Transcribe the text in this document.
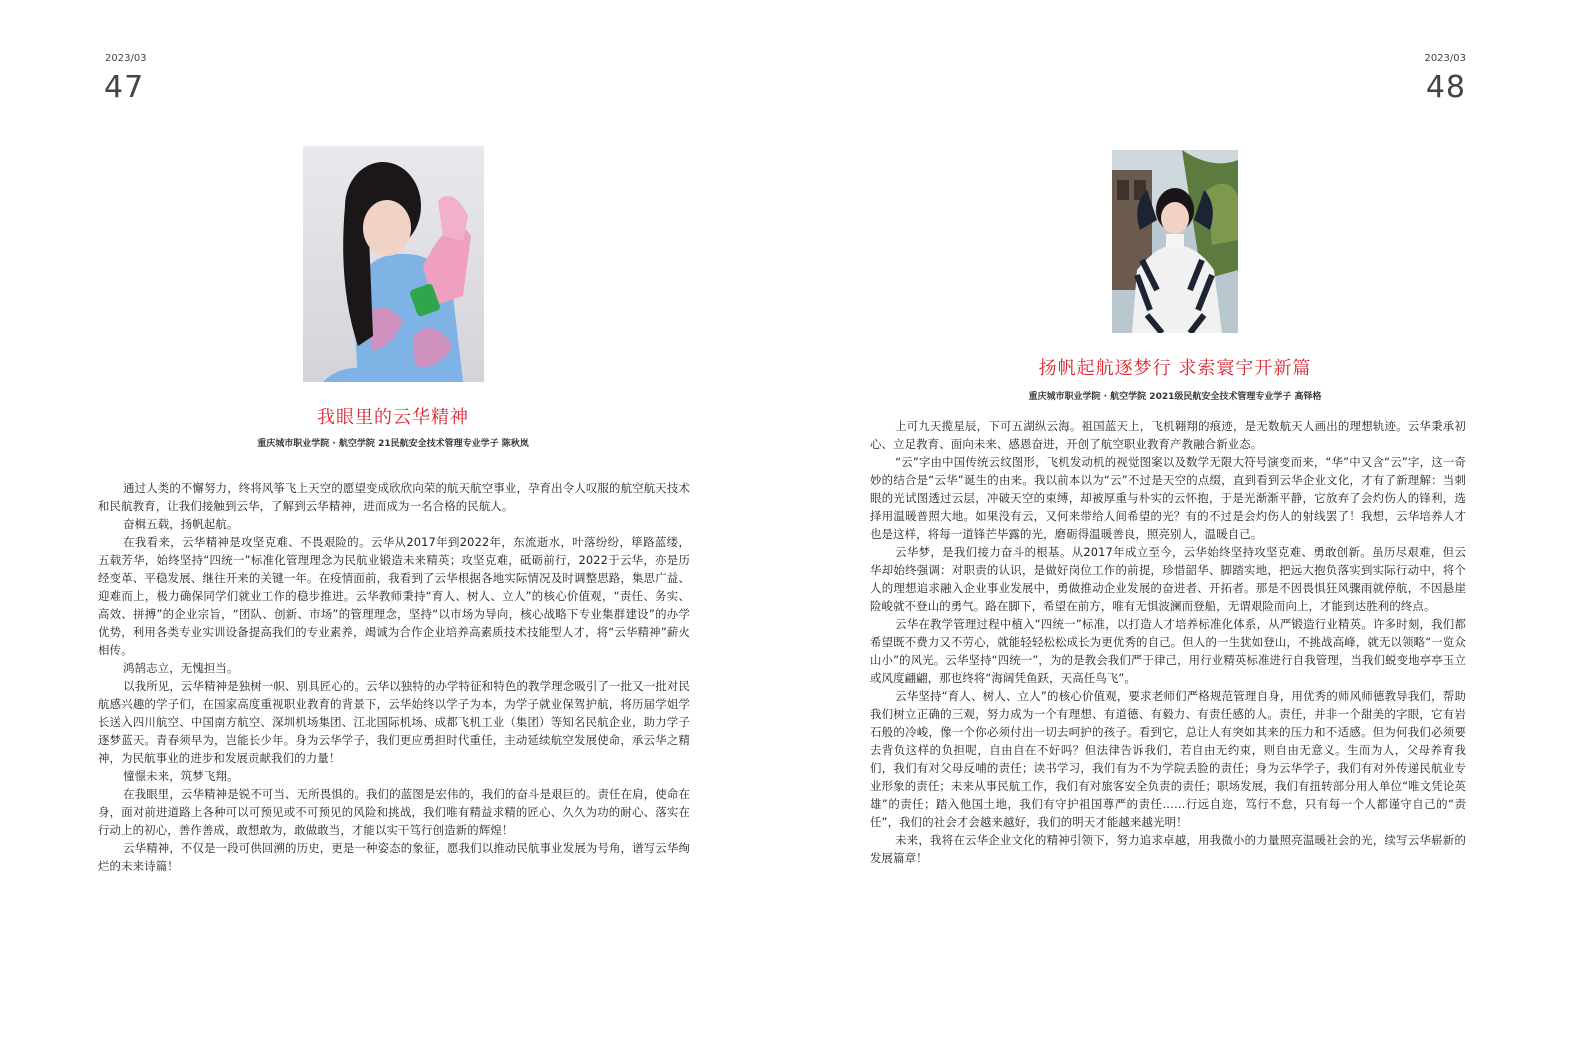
2023/03
47
我眼里的云华精神
重庆城市职业学院 · 航空学院 21民航安全技术管理专业学子 陈秋岚

通过人类的不懈努力，终将风筝飞上天空的愿望变成欣欣向荣的航天航空事业，孕育出令人叹服的航空航天技术和民航教育，让我们接触到云华，了解到云华精神，进而成为一名合格的民航人。

奋楫五载，扬帆起航。

在我看来，云华精神是攻坚克难、不畏艰险的。云华从2017年到2022年，东流逝水，叶落纷纷，筚路蓝缕，五载芳华，始终坚持“四统一”标准化管理理念为民航业锻造未来精英；攻坚克难，砥砺前行，2022于云华，亦是历经变革、平稳发展、继往开来的关键一年。在疫情面前，我看到了云华根据各地实际情况及时调整思路，集思广益、迎难而上，极力确保同学们就业工作的稳步推进。云华教师秉持“育人、树人、立人”的核心价值观，“责任、务实、高效、拼搏”的企业宗旨，“团队、创新、市场”的管理理念，坚持“以市场为导向，核心战略下专业集群建设”的办学优势，利用各类专业实训设备提高我们的专业素养，竭诚为合作企业培养高素质技术技能型人才，将“云华精神”薪火相传。

鸿鹄志立，无愧担当。

以我所见，云华精神是独树一帜、别具匠心的。云华以独特的办学特征和特色的教学理念吸引了一批又一批对民航感兴趣的学子们，在国家高度重视职业教育的背景下，云华始终以学子为本，为学子就业保驾护航，将历届学姐学长送入四川航空、中国南方航空、深圳机场集团、江北国际机场、成都飞机工业（集团）等知名民航企业，助力学子逐梦蓝天。青春须早为，岂能长少年。身为云华学子，我们更应勇担时代重任，主动延续航空发展使命，承云华之精神，为民航事业的进步和发展贡献我们的力量！

憧憬未来，筑梦飞翔。

在我眼里，云华精神是锐不可当、无所畏惧的。我们的蓝图是宏伟的，我们的奋斗是艰巨的。责任在肩，使命在身，面对前进道路上各种可以可预见或不可预见的风险和挑战，我们唯有精益求精的匠心、久久为功的耐心、落实在行动上的初心，善作善成，敢想敢为，敢做敢当，才能以实干笃行创造新的辉煌！

云华精神，不仅是一段可供回溯的历史，更是一种姿态的象征，愿我们以推动民航事业发展为号角，谱写云华绚烂的未来诗篇！

2023/03
48
扬帆起航逐梦行 求索寰宇开新篇
重庆城市职业学院 · 航空学院 2021级民航安全技术管理专业学子 高铎格

上可九天揽星辰，下可五湖纵云海。祖国蓝天上，飞机翱翔的痕迹，是无数航天人画出的理想轨迹。云华秉承初心、立足教育、面向未来、感恩奋进，开创了航空职业教育产教融合新业态。

“云”字由中国传统云纹图形，飞机发动机的视觉图案以及数学无限大符号演变而来，“华”中又含“云”字，这一奇妙的结合是“云华”诞生的由来。我以前本以为“云”不过是天空的点缀，直到看到云华企业文化，才有了新理解：当刺眼的光试图透过云层，冲破天空的束缚，却被厚重与朴实的云怀抱，于是光渐渐平静，它放弃了会灼伤人的锋利，选择用温暖普照大地。如果没有云，又何来带给人间希望的光？有的不过是会灼伤人的射线罢了！我想，云华培养人才也是这样，将每一道锋芒毕露的光，磨砺得温暖善良，照亮别人，温暖自己。

云华梦，是我们接力奋斗的根基。从2017年成立至今，云华始终坚持攻坚克难、勇敢创新。虽历尽艰难，但云华却始终强调：对职责的认识，是做好岗位工作的前提，珍惜韶华、脚踏实地，把远大抱负落实到实际行动中，将个人的理想追求融入企业事业发展中，勇做推动企业发展的奋进者、开拓者。那是不因畏惧狂风骤雨就停航，不因悬崖险峻就不登山的勇气。路在脚下，希望在前方，唯有无惧波澜而登船，无谓艰险而向上，才能到达胜利的终点。

云华在教学管理过程中植入“四统一”标准，以打造人才培养标准化体系，从严锻造行业精英。许多时刻，我们都希望既不费力又不劳心，就能轻轻松松成长为更优秀的自己。但人的一生犹如登山，不挑战高峰，就无以领略“一览众山小”的风光。云华坚持“四统一”，为的是教会我们严于律己，用行业精英标准进行自我管理，当我们蜕变地亭亭玉立或风度翩翩，那也终将“海阔凭鱼跃，天高任鸟飞”。

云华坚持“育人、树人、立人”的核心价值观，要求老师们严格规范管理自身，用优秀的师风师德教导我们，帮助我们树立正确的三观，努力成为一个有理想、有道德、有毅力、有责任感的人。责任，并非一个甜美的字眼，它有岩石般的冷峻，像一个你必须付出一切去呵护的孩子。看到它，总让人有突如其来的压力和不适感。但为何我们必须要去背负这样的负担呢，自由自在不好吗？但法律告诉我们，若自由无约束，则自由无意义。生而为人，父母养育我们，我们有对父母反哺的责任；读书学习，我们有为不为学院丢脸的责任；身为云华学子，我们有对外传递民航业专业形象的责任；未来从事民航工作，我们有对旅客安全负责的责任；职场发展，我们有扭转部分用人单位“唯文凭论英雄”的责任；踏入他国土地，我们有守护祖国尊严的责任……行远自迩，笃行不怠，只有每一个人都谨守自己的“责任”，我们的社会才会越来越好，我们的明天才能越来越光明！

未来，我将在云华企业文化的精神引领下，努力追求卓越，用我微小的力量照亮温暖社会的光，续写云华崭新的发展篇章！
